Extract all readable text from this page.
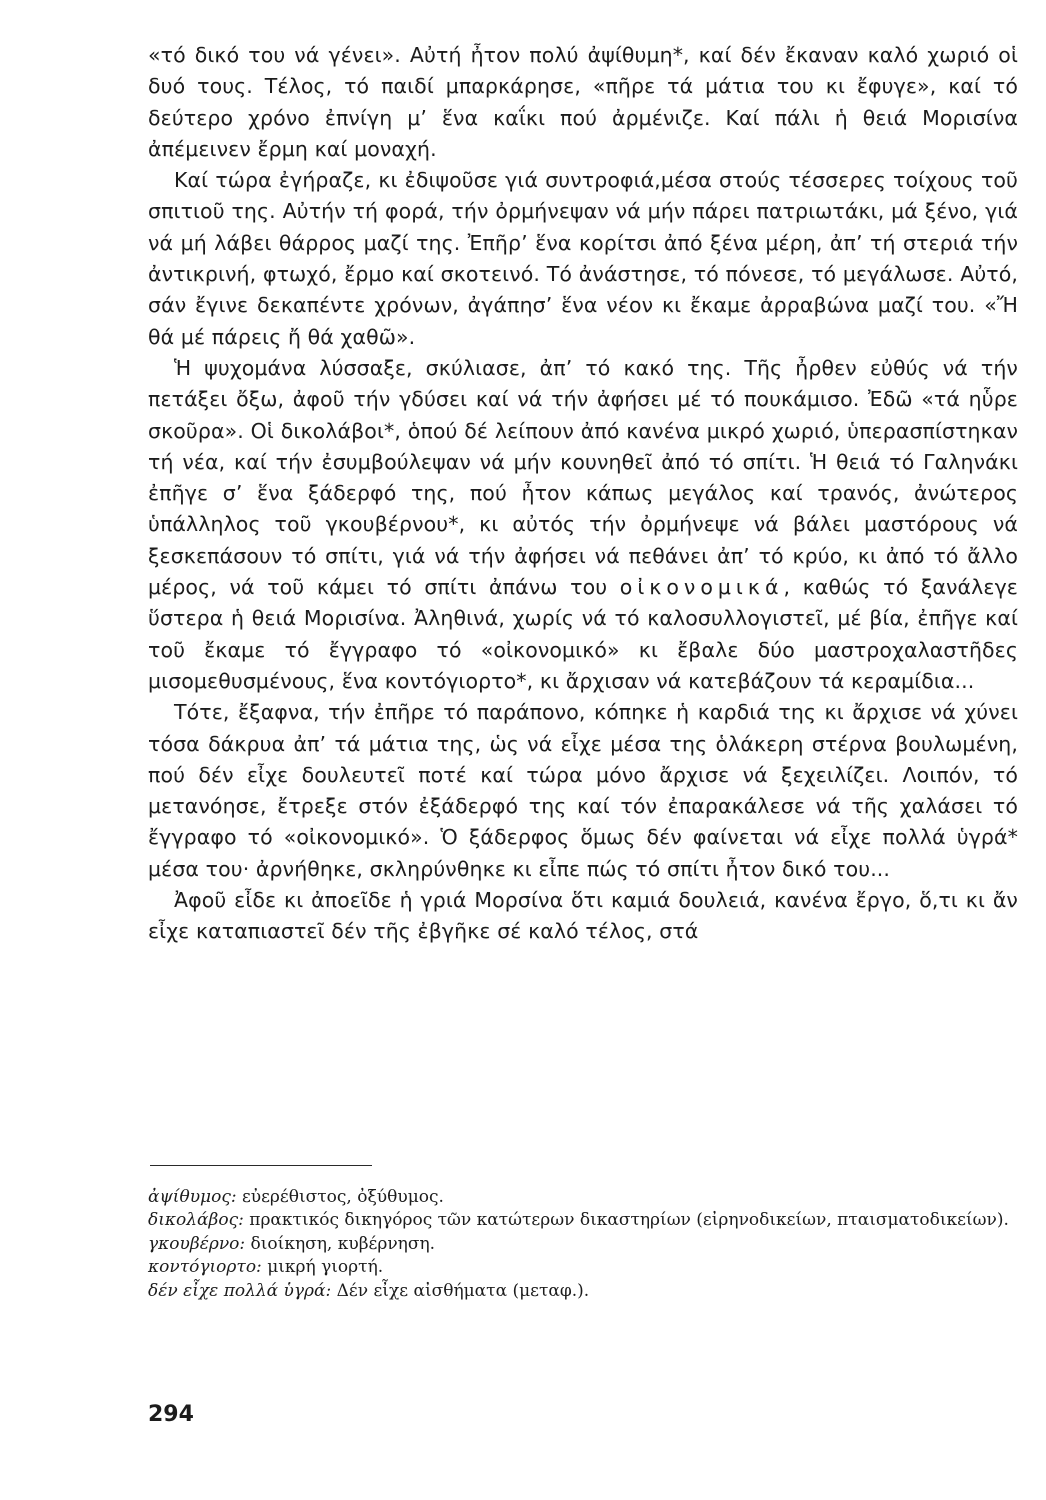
«τό δικό του νά γένει». Αὐτή ἦτον πολύ ἀψίθυμη*, καί δέν ἔκαναν καλό χωριό οἱ δυό τους. Τέλος, τό παιδί μπαρκάρησε, «πῆρε τά μάτια του κι ἔφυγε», καί τό δεύτερο χρόνο ἐπνίγη μ’ ἕνα καΐκι πού ἀρμένιζε. Καί πάλι ἡ θειά Μορισίνα ἀπέμεινεν ἔρμη καί μοναχή.

Καί τώρα ἐγήραζε, κι ἐδιψοῦσε γιά συντροφιά,μέσα στούς τέσσερες τοίχους τοῦ σπιτιοῦ της. Αὐτήν τή φορά, τήν ὀρμήνεψαν νά μήν πάρει πατριωτάκι, μά ξένο, γιά νά μή λάβει θάρρος μαζί της. Ἐπῆρ’ ἕνα κορίτσι ἀπό ξένα μέρη, ἀπ’ τή στεριά τήν ἀντικρινή, φτωχό, ἔρμο καί σκοτεινό. Τό ἀνάστησε, τό πόνεσε, τό μεγάλωσε. Αὐτό, σάν ἔγινε δεκαπέντε χρόνων, ἀγάπησ’ ἕνα νέον κι ἔκαμε ἀρραβώνα μαζί του. «Ἤ θά μέ πάρεις ἤ θά χαθῶ».

Ἡ ψυχομάνα λύσσαξε, σκύλιασε, ἀπ’ τό κακό της. Τῆς ἦρθεν εὐθύς νά τήν πετάξει ὄξω, ἀφοῦ τήν γδύσει καί νά τήν ἀφήσει μέ τό πουκάμισο. Ἐδῶ «τά ηὗρε σκοῦρα». Οἱ δικολάβοι*, ὁπού δέ λείπουν ἀπό κανένα μικρό χωριό, ὑπερασπίστηκαν τή νέα, καί τήν ἐσυμβούλεψαν νά μήν κουνηθεῖ ἀπό τό σπίτι. Ἡ θειά τό Γαληνάκι ἐπῆγε σ’ ἕνα ξάδερφό της, πού ἦτον κάπως μεγάλος καί τρανός, ἀνώτερος ὑπάλληλος τοῦ γκουβέρνου*, κι αὐτός τήν ὀρμήνεψε νά βάλει μαστόρους νά ξεσκεπάσουν τό σπίτι, γιά νά τήν ἀφήσει νά πεθάνει ἀπ’ τό κρύο, κι ἀπό τό ἄλλο μέρος, νά τοῦ κάμει τό σπίτι ἀπάνω του οἰκονομικά, καθώς τό ξανάλεγε ὕστερα ἡ θειά Μορισίνα. Ἀληθινά, χωρίς νά τό καλοσυλλογιστεῖ, μέ βία, ἐπῆγε καί τοῦ ἔκαμε τό ἔγγραφο τό «οἰκονομικό» κι ἔβαλε δύο μαστροχαλαστῆδες μισομεθυσμένους, ἕνα κοντόγιορτο*, κι ἄρχισαν νά κατεβάζουν τά κεραμίδια...

Τότε, ἔξαφνα, τήν ἐπῆρε τό παράπονο, κόπηκε ἡ καρδιά της κι ἄρχισε νά χύνει τόσα δάκρυα ἀπ’ τά μάτια της, ὡς νά εἶχε μέσα της ὁλάκερη στέρνα βουλωμένη, πού δέν εἶχε δουλευτεῖ ποτέ καί τώρα μόνο ἄρχισε νά ξεχειλίζει. Λοιπόν, τό μετανόησε, ἔτρεξε στόν ἐξάδερφό της καί τόν ἐπαρακάλεσε νά τῆς χαλάσει τό ἔγγραφο τό «οἰκονομικό». Ὁ ξάδερφος ὅμως δέν φαίνεται νά εἶχε πολλά ὑγρά* μέσα του· ἀρνήθηκε, σκληρύνθηκε κι εἶπε πώς τό σπίτι ἦτον δικό του...

Ἀφοῦ εἶδε κι ἀποεῖδε ἡ γριά Μορσίνα ὅτι καμιά δουλειά, κανένα ἔργο, ὅ,τι κι ἄν εἶχε καταπιαστεῖ δέν τῆς ἐβγῆκε σέ καλό τέλος, στά

ἀψίθυμος: εὐερέθιστος, ὀξύθυμος.

δικολάβος: πρακτικός δικηγόρος τῶν κατώτερων δικαστηρίων (εἰρηνοδικείων, πταισματοδικείων).

γκουβέρνο: διοίκηση, κυβέρνηση.

κοντόγιορτο: μικρή γιορτή.

δέν εἶχε πολλά ὑγρά: Δέν εἶχε αἰσθήματα (μεταφ.).

294
